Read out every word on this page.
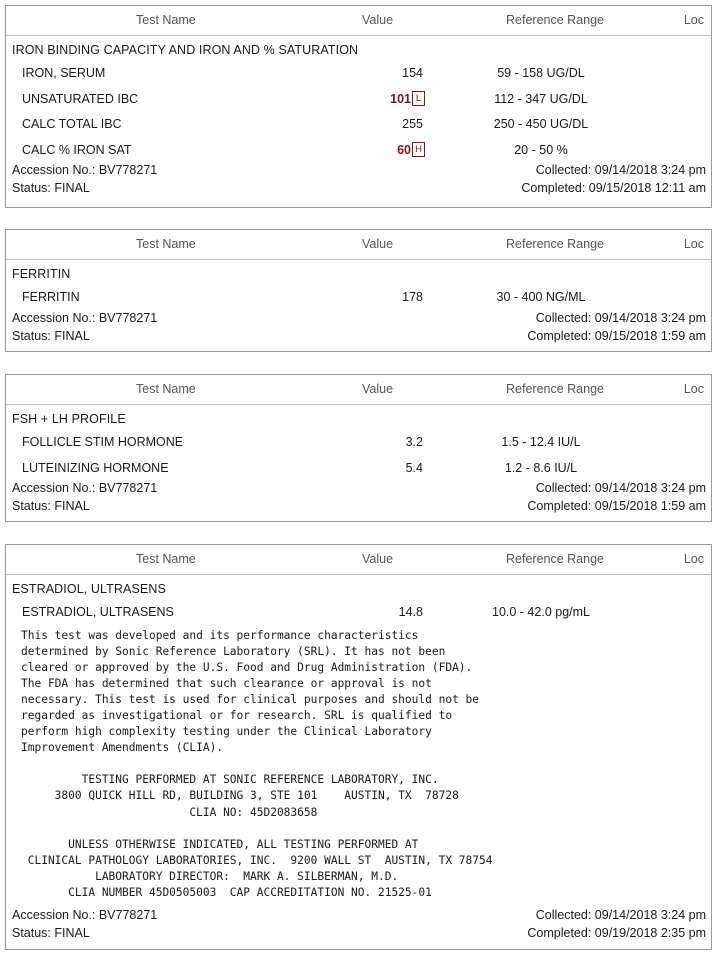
Test Name	Value	Reference Range	Loc
IRON BINDING CAPACITY AND IRON AND % SATURATION
IRON, SERUM	154	59 - 158 UG/DL
UNSATURATED IBC	101 L	112 - 347 UG/DL
CALC TOTAL IBC	255	250 - 450 UG/DL
CALC % IRON SAT	60 H	20 - 50 %
Accession No.: BV778271
Status: FINAL
Collected: 09/14/2018 3:24 pm
Completed: 09/15/2018 12:11 am
Test Name	Value	Reference Range	Loc
FERRITIN
FERRITIN	178	30 - 400 NG/ML
Accession No.: BV778271
Status: FINAL
Collected: 09/14/2018 3:24 pm
Completed: 09/15/2018 1:59 am
Test Name	Value	Reference Range	Loc
FSH + LH PROFILE
FOLLICLE STIM HORMONE	3.2	1.5 - 12.4 IU/L
LUTEINIZING HORMONE	5.4	1.2 - 8.6 IU/L
Accession No.: BV778271
Status: FINAL
Collected: 09/14/2018 3:24 pm
Completed: 09/15/2018 1:59 am
Test Name	Value	Reference Range	Loc
ESTRADIOL, ULTRASENS
ESTRADIOL, ULTRASENS	14.8	10.0 - 42.0 pg/mL
This test was developed and its performance characteristics
determined by Sonic Reference Laboratory (SRL). It has not been
cleared or approved by the U.S. Food and Drug Administration (FDA).
The FDA has determined that such clearance or approval is not
necessary. This test is used for clinical purposes and should not be
regarded as investigational or for research. SRL is qualified to
perform high complexity testing under the Clinical Laboratory
Improvement Amendments (CLIA).

TESTING PERFORMED AT SONIC REFERENCE LABORATORY, INC.
3800 QUICK HILL RD, BUILDING 3, STE 101    AUSTIN, TX  78728
CLIA NO: 45D2083658

UNLESS OTHERWISE INDICATED, ALL TESTING PERFORMED AT
CLINICAL PATHOLOGY LABORATORIES, INC.  9200 WALL ST  AUSTIN, TX 78754
LABORATORY DIRECTOR:  MARK A. SILBERMAN, M.D.
CLIA NUMBER 45D0505003  CAP ACCREDITATION NO. 21525-01
Accession No.: BV778271
Status: FINAL
Collected: 09/14/2018 3:24 pm
Completed: 09/19/2018 2:35 pm
